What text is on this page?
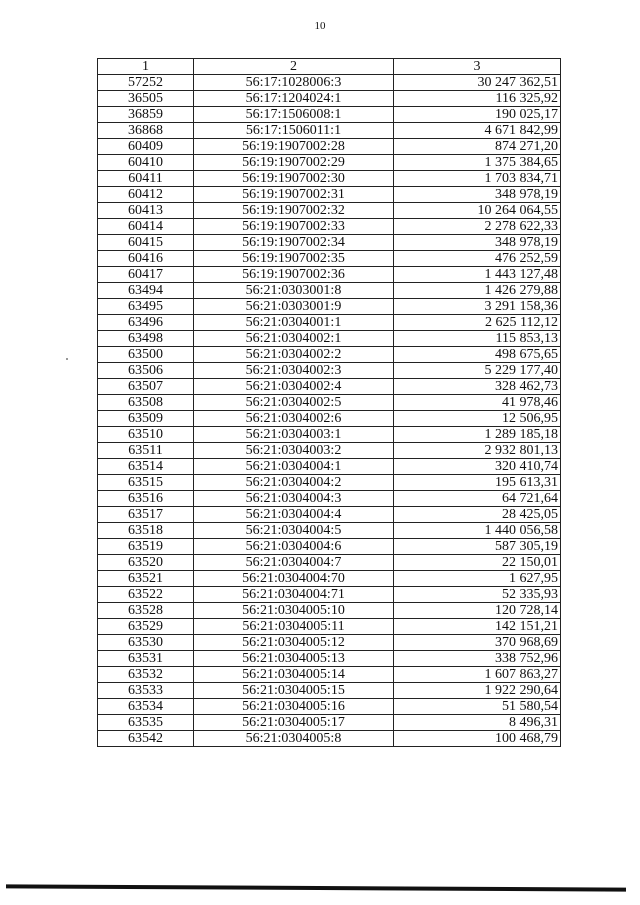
10
1	2	3
57252	56:17:1028006:3	30 247 362,51
36505	56:17:1204024:1	116 325,92
36859	56:17:1506008:1	190 025,17
36868	56:17:1506011:1	4 671 842,99
60409	56:19:1907002:28	874 271,20
60410	56:19:1907002:29	1 375 384,65
60411	56:19:1907002:30	1 703 834,71
60412	56:19:1907002:31	348 978,19
60413	56:19:1907002:32	10 264 064,55
60414	56:19:1907002:33	2 278 622,33
60415	56:19:1907002:34	348 978,19
60416	56:19:1907002:35	476 252,59
60417	56:19:1907002:36	1 443 127,48
63494	56:21:0303001:8	1 426 279,88
63495	56:21:0303001:9	3 291 158,36
63496	56:21:0304001:1	2 625 112,12
63498	56:21:0304002:1	115 853,13
63500	56:21:0304002:2	498 675,65
63506	56:21:0304002:3	5 229 177,40
63507	56:21:0304002:4	328 462,73
63508	56:21:0304002:5	41 978,46
63509	56:21:0304002:6	12 506,95
63510	56:21:0304003:1	1 289 185,18
63511	56:21:0304003:2	2 932 801,13
63514	56:21:0304004:1	320 410,74
63515	56:21:0304004:2	195 613,31
63516	56:21:0304004:3	64 721,64
63517	56:21:0304004:4	28 425,05
63518	56:21:0304004:5	1 440 056,58
63519	56:21:0304004:6	587 305,19
63520	56:21:0304004:7	22 150,01
63521	56:21:0304004:70	1 627,95
63522	56:21:0304004:71	52 335,93
63528	56:21:0304005:10	120 728,14
63529	56:21:0304005:11	142 151,21
63530	56:21:0304005:12	370 968,69
63531	56:21:0304005:13	338 752,96
63532	56:21:0304005:14	1 607 863,27
63533	56:21:0304005:15	1 922 290,64
63534	56:21:0304005:16	51 580,54
63535	56:21:0304005:17	8 496,31
63542	56:21:0304005:8	100 468,79
